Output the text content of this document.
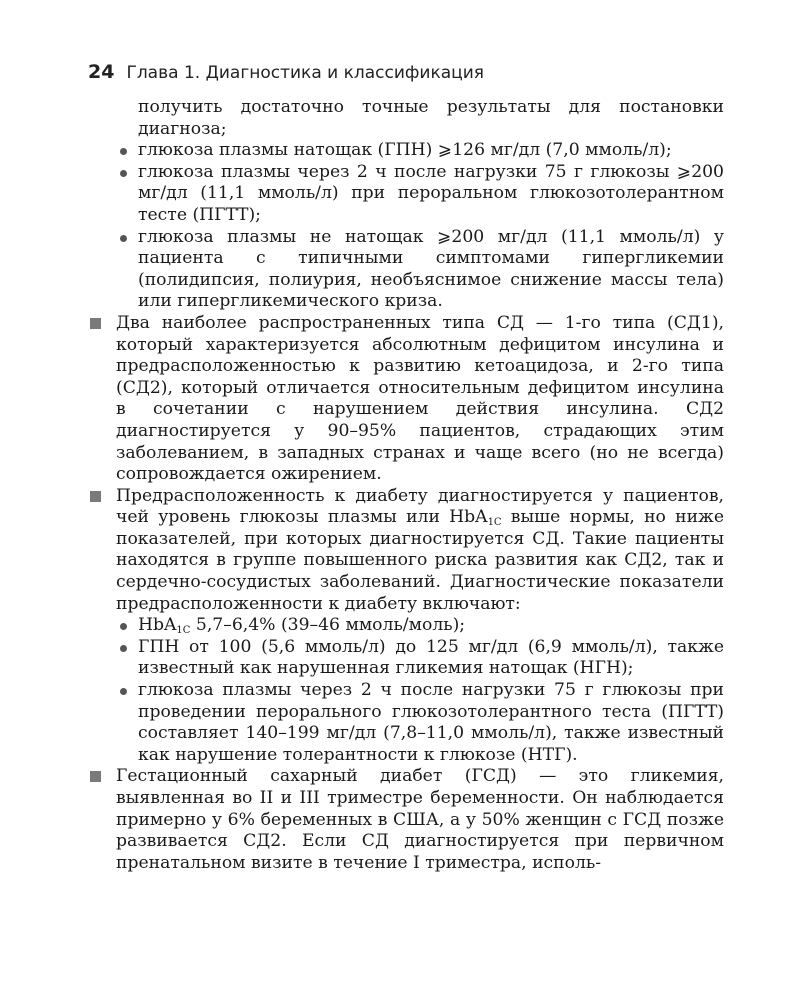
24 Глава 1. Диагностика и классификация

получить достаточно точные результаты для постановки диагноза;

глюкоза плазмы натощак (ГПН) ⩾126 мг/дл (7,0 ммоль/л);
глюкоза плазмы через 2 ч после нагрузки 75 г глюкозы ⩾200 мг/дл (11,1 ммоль/л) при пероральном глюкозотолерантном тесте (ПГТТ);
глюкоза плазмы не натощак ⩾200 мг/дл (11,1 ммоль/л) у пациента с типичными симптомами гипергликемии (полидипсия, полиурия, необъяснимое снижение массы тела) или гипергликемического криза.
Два наиболее распространенных типа СД — 1-го типа (СД1), который характеризуется абсолютным дефицитом инсулина и предрасположенностью к развитию кетоацидоза, и 2-го типа (СД2), который отличается относительным дефицитом инсулина в сочетании с нарушением действия инсулина. СД2 диагностируется у 90–95% пациентов, страдающих этим заболеванием, в западных странах и чаще всего (но не всегда) сопровождается ожирением.
Предрасположенность к диабету диагностируется у пациентов, чей уровень глюкозы плазмы или HbA$_{1C}$ выше нормы, но ниже показателей, при которых диагностируется СД. Такие пациенты находятся в группе повышенного риска развития как СД2, так и сердечно-сосудистых заболеваний. Диагностические показатели предрасположенности к диабету включают:
HbA$_{1C}$ 5,7–6,4% (39–46 ммоль/моль);
ГПН от 100 (5,6 ммоль/л) до 125 мг/дл (6,9 ммоль/л), также известный как нарушенная гликемия натощак (НГН);
глюкоза плазмы через 2 ч после нагрузки 75 г глюкозы при проведении перорального глюкозотолерантного теста (ПГТТ) составляет 140–199 мг/дл (7,8–11,0 ммоль/л), также известный как нарушение толерантности к глюкозе (НТГ).
Гестационный сахарный диабет (ГСД) — это гликемия, выявленная во II и III триместре беременности. Он наблюдается примерно у 6% беременных в США, а у 50% женщин с ГСД позже развивается СД2. Если СД диагностируется при первичном пренатальном визите в течение I триместра, исполь-
